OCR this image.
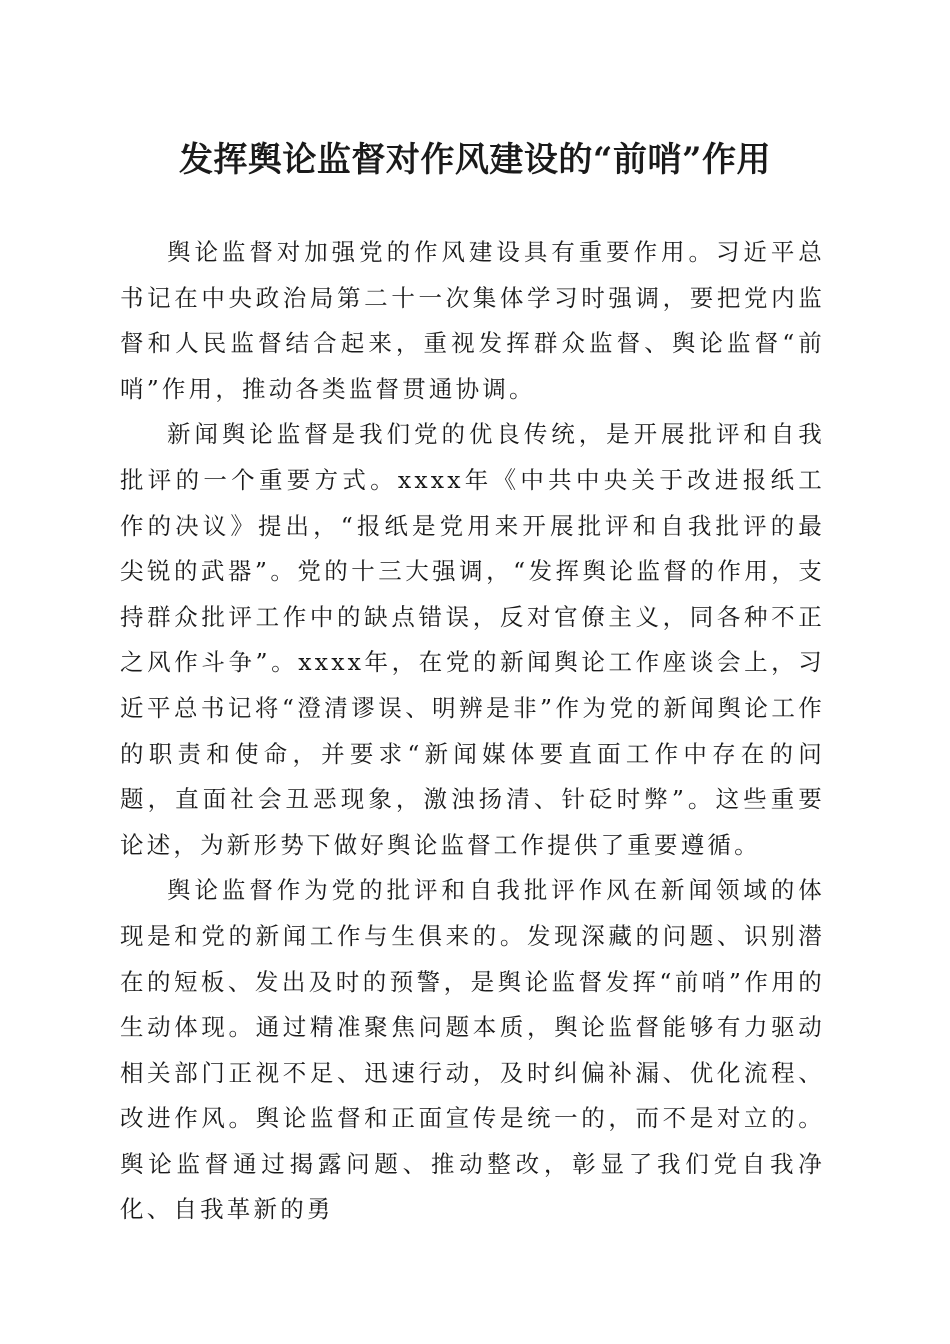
发挥舆论监督对作风建设的“前哨”作用

舆论监督对加强党的作风建设具有重要作用。习近平总书记在中央政治局第二十一次集体学习时强调，要把党内监督和人民监督结合起来，重视发挥群众监督、舆论监督“前哨”作用，推动各类监督贯通协调。

新闻舆论监督是我们党的优良传统，是开展批评和自我批评的一个重要方式。xxxx年《中共中央关于改进报纸工作的决议》提出，“报纸是党用来开展批评和自我批评的最尖锐的武器”。党的十三大强调，“发挥舆论监督的作用，支持群众批评工作中的缺点错误，反对官僚主义，同各种不正之风作斗争”。xxxx年，在党的新闻舆论工作座谈会上，习近平总书记将“澄清谬误、明辨是非”作为党的新闻舆论工作的职责和使命，并要求“新闻媒体要直面工作中存在的问题，直面社会丑恶现象，激浊扬清、针砭时弊”。这些重要论述，为新形势下做好舆论监督工作提供了重要遵循。

舆论监督作为党的批评和自我批评作风在新闻领域的体现是和党的新闻工作与生俱来的。发现深藏的问题、识别潜在的短板、发出及时的预警，是舆论监督发挥“前哨”作用的生动体现。通过精准聚焦问题本质，舆论监督能够有力驱动相关部门正视不足、迅速行动，及时纠偏补漏、优化流程、改进作风。舆论监督和正面宣传是统一的，而不是对立的。舆论监督通过揭露问题、推动整改，彰显了我们党自我净化、自我革新的勇
